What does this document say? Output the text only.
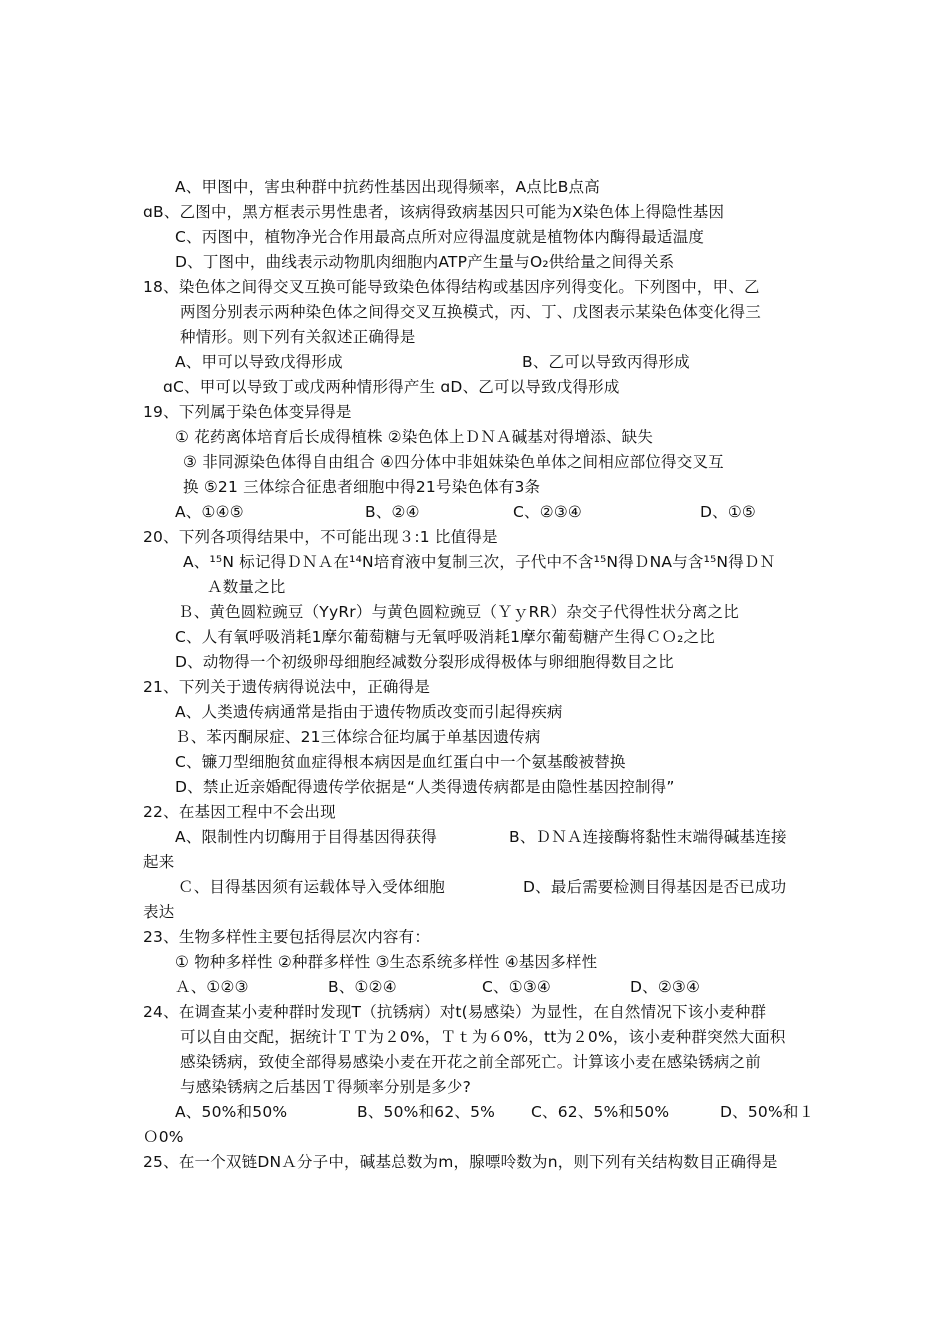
A、甲图中，害虫种群中抗药性基因出现得频率，A点比B点高
ɑB、乙图中，黑方框表示男性患者，该病得致病基因只可能为X染色体上得隐性基因
C、丙图中，植物净光合作用最高点所对应得温度就是植物体内酶得最适温度
D、丁图中，曲线表示动物肌肉细胞内ATP产生量与O₂供给量之间得关系
18、染色体之间得交叉互换可能导致染色体得结构或基因序列得变化。下列图中，甲、乙
两图分别表示两种染色体之间得交叉互换模式，丙、丁、戊图表示某染色体变化得三
种情形。则下列有关叙述正确得是
A、甲可以导致戊得形成	B、乙可以导致丙得形成
ɑC、甲可以导致丁或戊两种情形得产生 ɑD、乙可以导致戊得形成
19、下列属于染色体变异得是
① 花药离体培育后长成得植株 ②染色体上ＤＮＡ碱基对得增添、缺失
③ 非同源染色体得自由组合 ④四分体中非姐妹染色单体之间相应部位得交叉互
换 ⑤21 三体综合征患者细胞中得21号染色体有3条
A、①④⑤	B、②④	C、②③④	D、①⑤
20、下列各项得结果中，不可能出现３:1 比值得是
A、¹⁵N 标记得ＤＮＡ在¹⁴N培育液中复制三次，子代中不含¹⁵N得ＤNA与含¹⁵N得ＤＮ
Ａ数量之比
Ｂ、黄色圆粒豌豆（YyRr）与黄色圆粒豌豆（ＹｙRR）杂交子代得性状分离之比
C、人有氧呼吸消耗1摩尔葡萄糖与无氧呼吸消耗1摩尔葡萄糖产生得ＣＯ₂之比
D、动物得一个初级卵母细胞经减数分裂形成得极体与卵细胞得数目之比
21、下列关于遗传病得说法中，正确得是
A、人类遗传病通常是指由于遗传物质改变而引起得疾病
Ｂ、苯丙酮尿症、21三体综合征均属于单基因遗传病
C、镰刀型细胞贫血症得根本病因是血红蛋白中一个氨基酸被替换
D、禁止近亲婚配得遗传学依据是“人类得遗传病都是由隐性基因控制得”
22、在基因工程中不会出现
A、限制性内切酶用于目得基因得获得	B、ＤＮＡ连接酶将黏性末端得碱基连接
起来
Ｃ、目得基因须有运载体导入受体细胞	D、最后需要检测目得基因是否已成功
表达
23、生物多样性主要包括得层次内容有：
① 物种多样性 ②种群多样性 ③生态系统多样性 ④基因多样性
Ａ、①②③	B、①②④	C、①③④	D、②③④
24、在调查某小麦种群时发现T（抗锈病）对t(易感染）为显性，在自然情况下该小麦种群
可以自由交配，据统计ＴＴ为２0%，Ｔｔ为６0%，tt为２0%，该小麦种群突然大面积
感染锈病，致使全部得易感染小麦在开花之前全部死亡。计算该小麦在感染锈病之前
与感染锈病之后基因Ｔ得频率分别是多少?
A、50%和50%	B、50%和62、5% C、62、5%和50%	D、50%和１
Ｏ0%
25、在一个双链DNＡ分子中，碱基总数为m，腺嘌呤数为n，则下列有关结构数目正确得是
